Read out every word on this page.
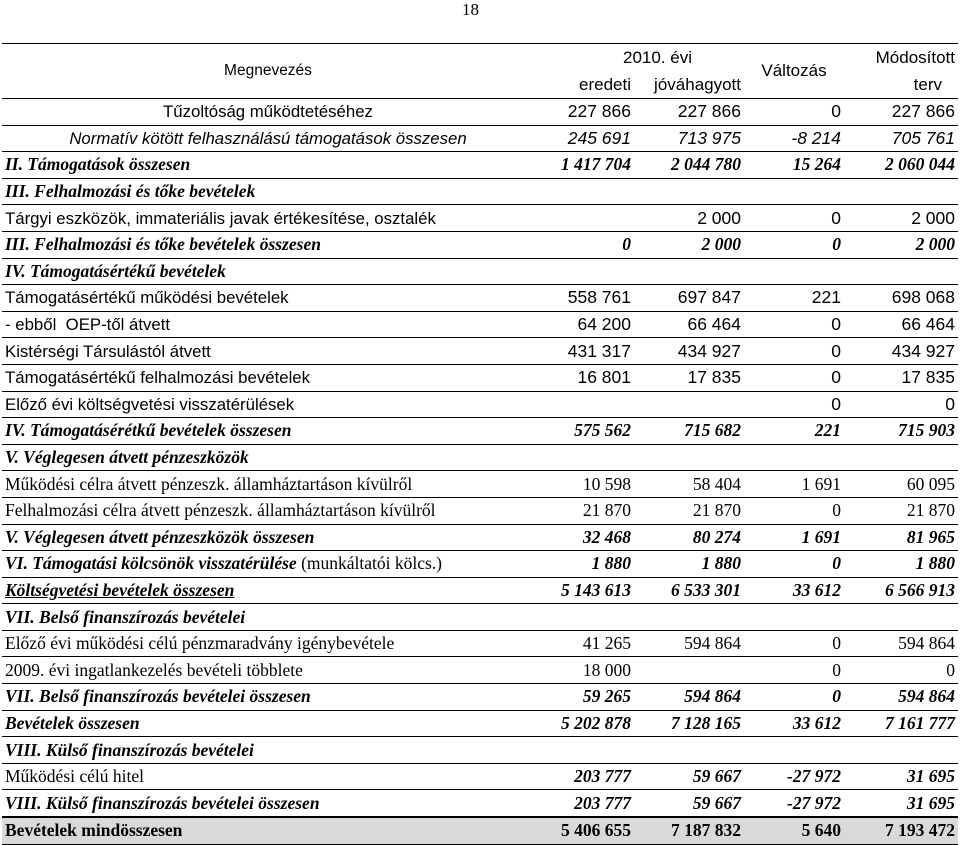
18
Megnevezés	2010. évi		Változás	Módosított
	eredeti	jóváhagyott		terv
Tűzoltóság működtetéséhez	227 866	227 866	0	227 866
Normatív kötött felhasználású támogatások összesen	245 691	713 975	-8 214	705 761
II. Támogatások összesen	1 417 704	2 044 780	15 264	2 060 044
III. Felhalmozási és tőke bevételek				
Tárgyi eszközök, immateriális javak értékesítése, osztalék		2 000	0	2 000
III. Felhalmozási és tőke bevételek összesen	0	2 000	0	2 000
IV. Támogatásértékű bevételek				
Támogatásértékű működési bevételek	558 761	697 847	221	698 068
- ebből  OEP-től átvett	64 200	66 464	0	66 464
Kistérségi Társulástól átvett	431 317	434 927	0	434 927
Támogatásértékű felhalmozási bevételek	16 801	17 835	0	17 835
Előző évi költségvetési visszatérülések			0	0
IV. Támogatásérétkű bevételek összesen	575 562	715 682	221	715 903
V. Véglegesen átvett pénzeszközök				
Működési célra átvett pénzeszk. államháztartáson kívülről	10 598	58 404	1 691	60 095
Felhalmozási célra átvett pénzeszk. államháztartáson kívülről	21 870	21 870	0	21 870
V. Véglegesen átvett pénzeszközök összesen	32 468	80 274	1 691	81 965
VI. Támogatási kölcsönök visszatérülése (munkáltatói kölcs.)	1 880	1 880	0	1 880
Költségvetési bevételek összesen	5 143 613	6 533 301	33 612	6 566 913
VII. Belső finanszírozás bevételei				
Előző évi működési célú pénzmaradvány igénybevétele	41 265	594 864	0	594 864
2009. évi ingatlankezelés bevételi többlete	18 000		0	0
VII. Belső finanszírozás bevételei összesen	59 265	594 864	0	594 864
Bevételek összesen	5 202 878	7 128 165	33 612	7 161 777
VIII. Külső finanszírozás bevételei				
Működési célú hitel	203 777	59 667	-27 972	31 695
VIII. Külső finanszírozás bevételei összesen	203 777	59 667	-27 972	31 695
Bevételek mindösszesen	5 406 655	7 187 832	5 640	7 193 472
